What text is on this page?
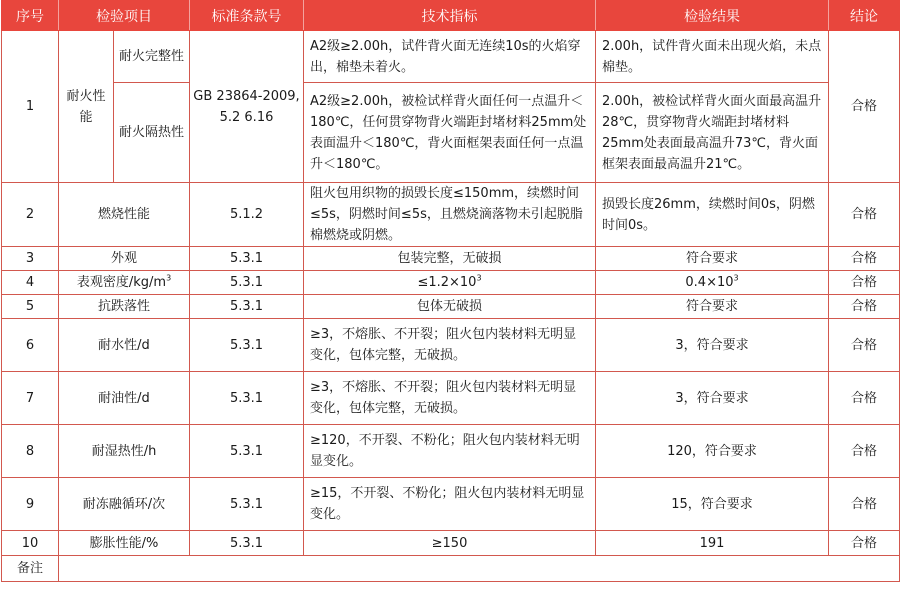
序号	检验项目		标准条款号	技术指标	检验结果	结论
1	耐火性能	耐火完整性	GB 23864-2009, 5.2 6.16	A2级≥2.00h，试件背火面无连续10s的火焰穿出，棉垫未着火。	2.00h，试件背火面未出现火焰，未点棉垫。	合格
		耐火隔热性		A2级≥2.00h，被检试样背火面任何一点温升＜180℃，任何贯穿物背火端距封堵材料25mm处表面温升＜180℃，背火面框架表面任何一点温升＜180℃。	2.00h，被检试样背火面火面最高温升28℃，贯穿物背火端距封堵材料25mm处表面最高温升73℃，背火面框架表面最高温升21℃。	
2	燃烧性能		5.1.2	阻火包用织物的损毁长度≤150mm，续燃时间≤5s，阴燃时间≤5s，且燃烧滴落物未引起脱脂棉燃烧或阴燃。	损毁长度26mm，续燃时间0s，阴燃时间0s。	合格
3	外观		5.3.1	包装完整，无破损	符合要求	合格
4	表观密度$/kg/m^3$		5.3.1	$\le 1.2\times 10^3$	$0.4\times 10^3$	合格
5	抗跌落性		5.3.1	包体无破损	符合要求	合格
6	耐水性/d		5.3.1	≥3，不熔胀、不开裂；阻火包内装材料无明显变化，包体完整，无破损。	3，符合要求	合格
7	耐油性/d		5.3.1	≥3，不熔胀、不开裂；阻火包内装材料无明显变化，包体完整，无破损。	3，符合要求	合格
8	耐湿热性/h		5.3.1	≥120，不开裂、不粉化；阻火包内装材料无明显变化。	120，符合要求	合格
9	耐冻融循环/次		5.3.1	≥15，不开裂、不粉化；阻火包内装材料无明显变化。	15，符合要求	合格
10	膨胀性能/%		5.3.1	≥150	191	合格
备注						
